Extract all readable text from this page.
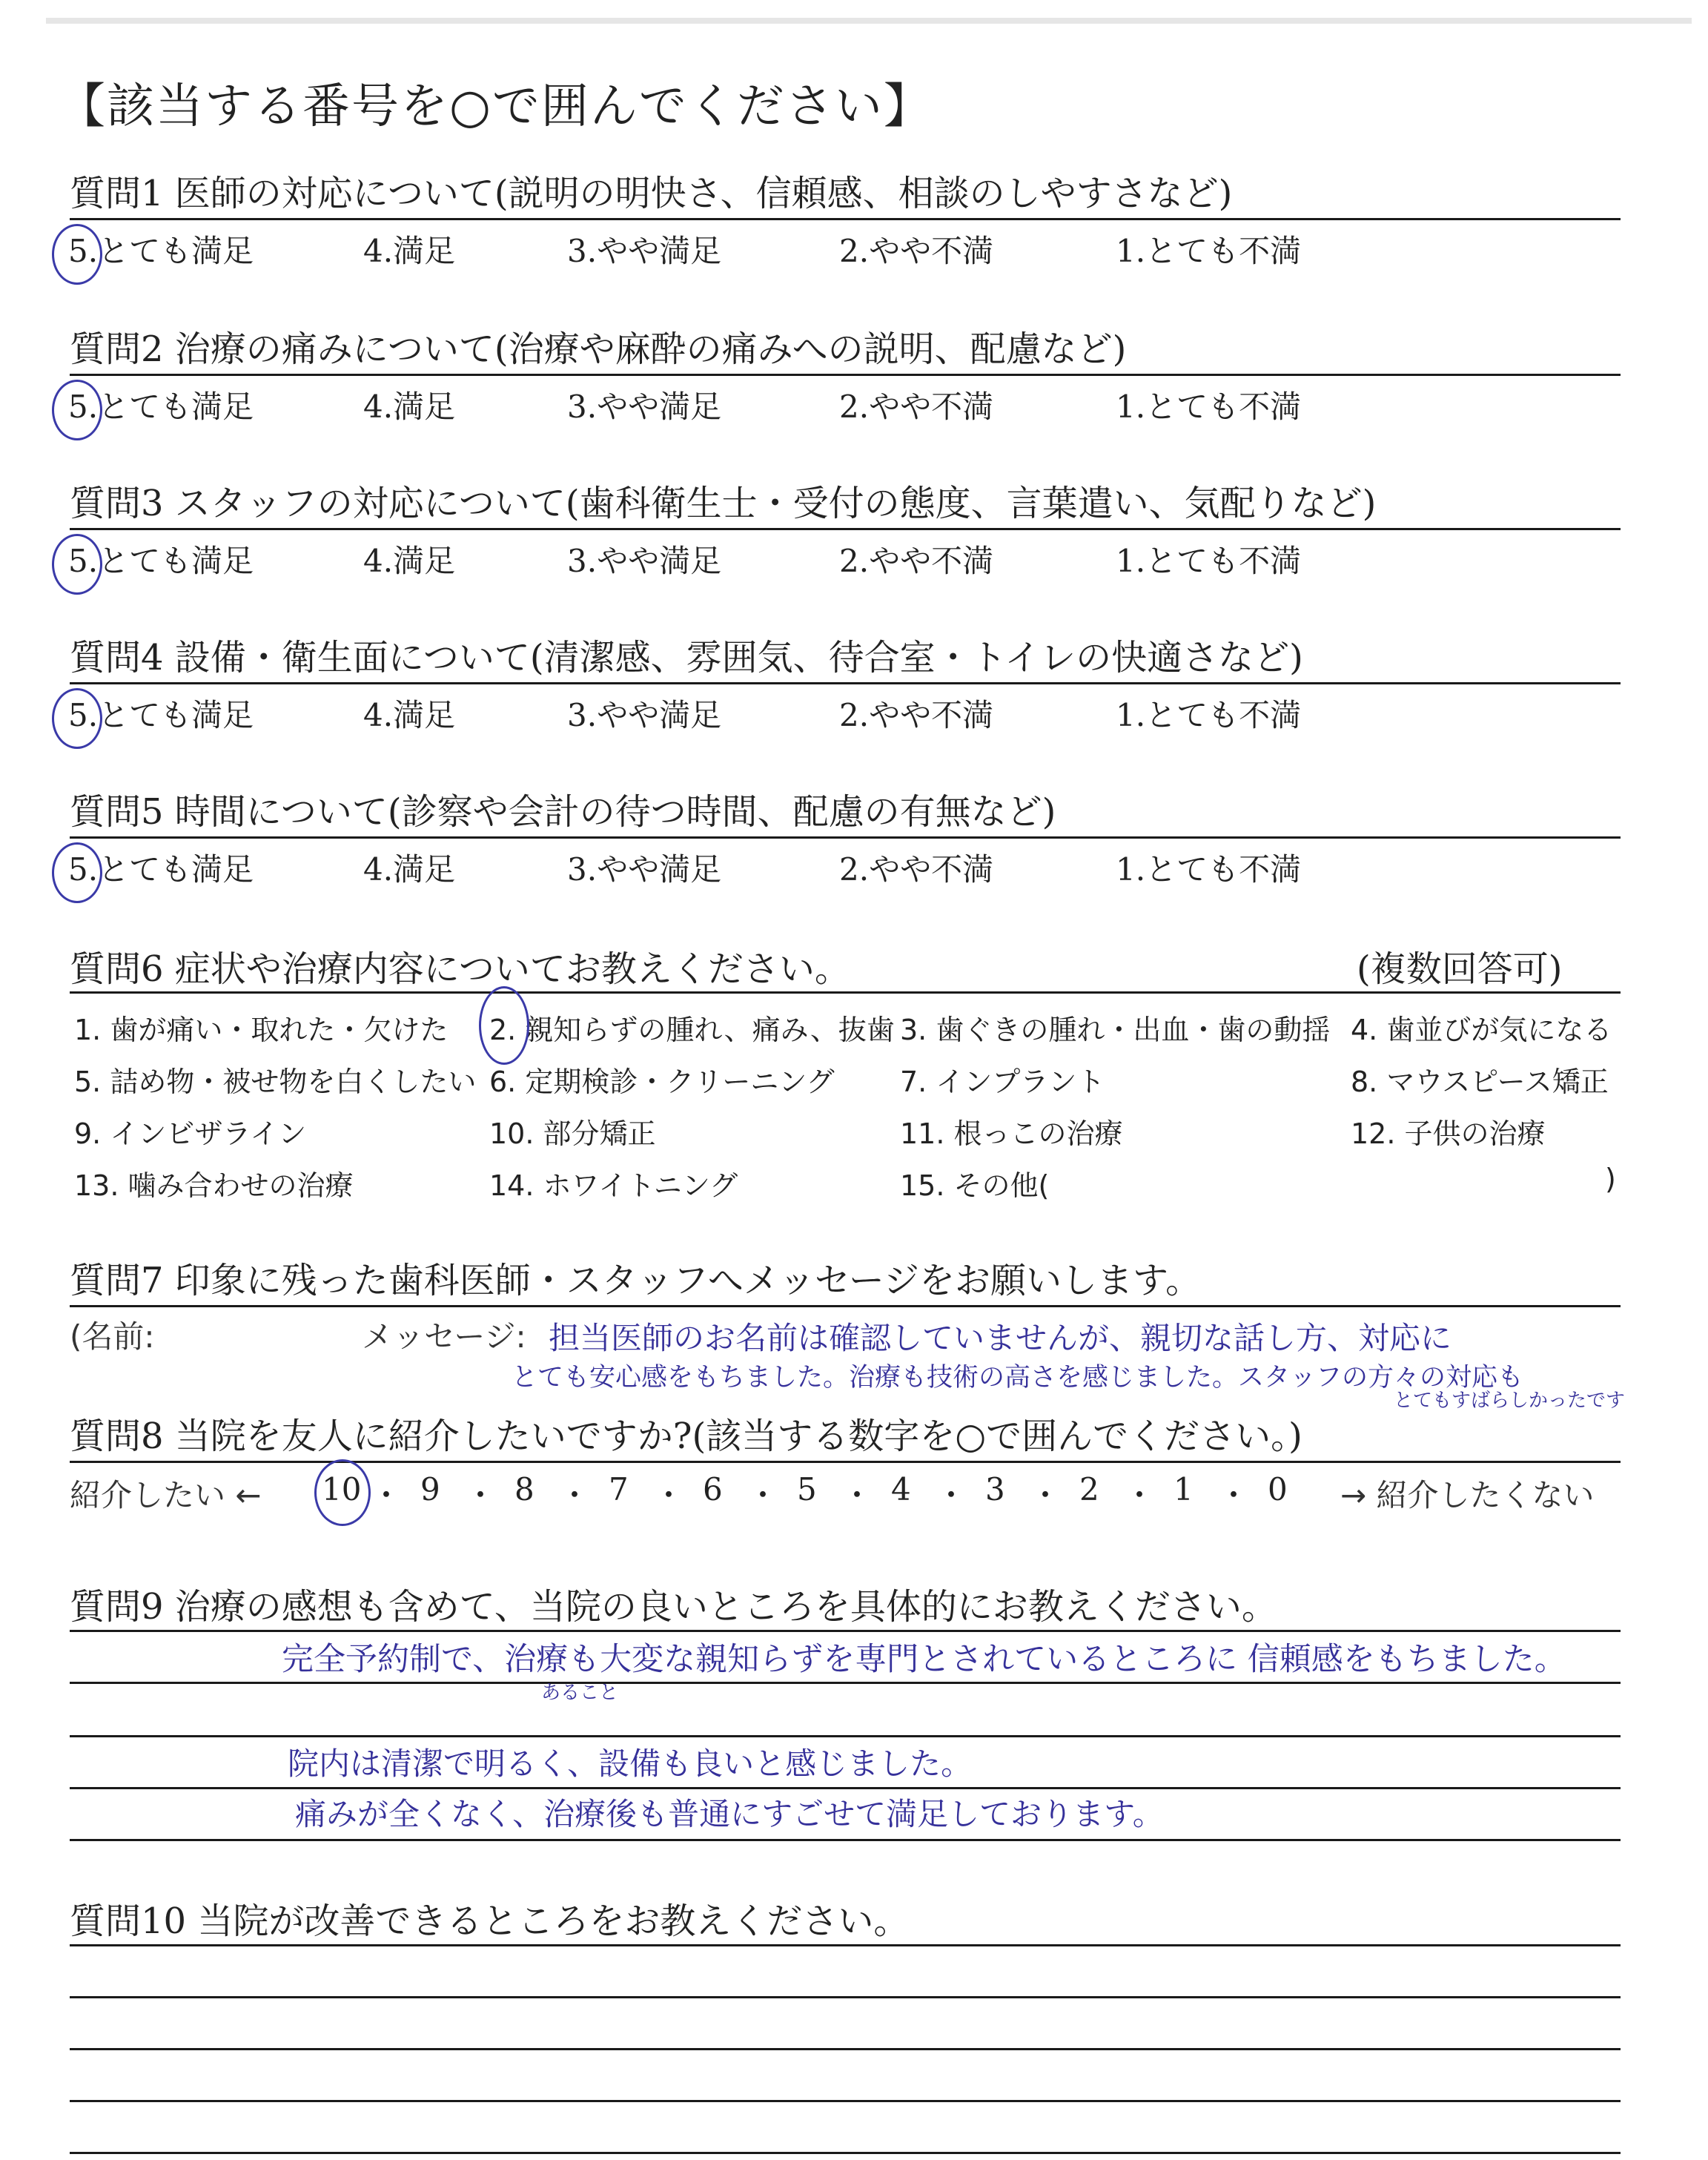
【該当する番号を○で囲んでください】
質問1 医師の対応について(説明の明快さ、信頼感、相談のしやすさなど)
5.とても満足	4.満足	3.やや満足	2.やや不満	1.とても不満
質問2 治療の痛みについて(治療や麻酔の痛みへの説明、配慮など)
5.とても満足	4.満足	3.やや満足	2.やや不満	1.とても不満
質問3 スタッフの対応について(歯科衛生士・受付の態度、言葉遣い、気配りなど)
5.とても満足	4.満足	3.やや満足	2.やや不満	1.とても不満
質問4 設備・衛生面について(清潔感、雰囲気、待合室・トイレの快適さなど)
5.とても満足	4.満足	3.やや満足	2.やや不満	1.とても不満
質問5 時間について(診察や会計の待つ時間、配慮の有無など)
5.とても満足	4.満足	3.やや満足	2.やや不満	1.とても不満
質問6 症状や治療内容についてお教えください。	(複数回答可)
1. 歯が痛い・取れた・欠けた 2. 親知らずの腫れ、痛み、抜歯 3. 歯ぐきの腫れ・出血・歯の動揺 4. 歯並びが気になる
5. 詰め物・被せ物を白くしたい 6. 定期検診・クリーニング 7. インプラント	8. マウスピース矯正
9. インビザライン	10. 部分矯正	11. 根っこの治療	12. 子供の治療
13. 噛み合わせの治療	14. ホワイトニング	15. その他(	)
質問7 印象に残った歯科医師・スタッフへメッセージをお願いします。
(名前:	メッセージ: 担当医師のお名前は確認していませんが、親切な話し方、対応に
とても安心感をもちました。治療も技術の高さを感じました。スタッフの方々の対応も
とてもすばらしかったです
質問8 当院を友人に紹介したいですか?(該当する数字を○で囲んでください。)
紹介したい ←	→ 紹介したくない
10 ・ 9 ・ 8 ・ 7 ・ 6 ・ 5 ・ 4 ・ 3 ・ 2 ・ 1 ・ 0
質問9 治療の感想も含めて、当院の良いところを具体的にお教えください。
完全予約制で、治療も大変な親知らずを専門とされているところに 信頼感をもちました。
あること
院内は清潔で明るく、設備も良いと感じました。
痛みが全くなく、治療後も普通にすごせて満足しております。
質問10 当院が改善できるところをお教えください。
